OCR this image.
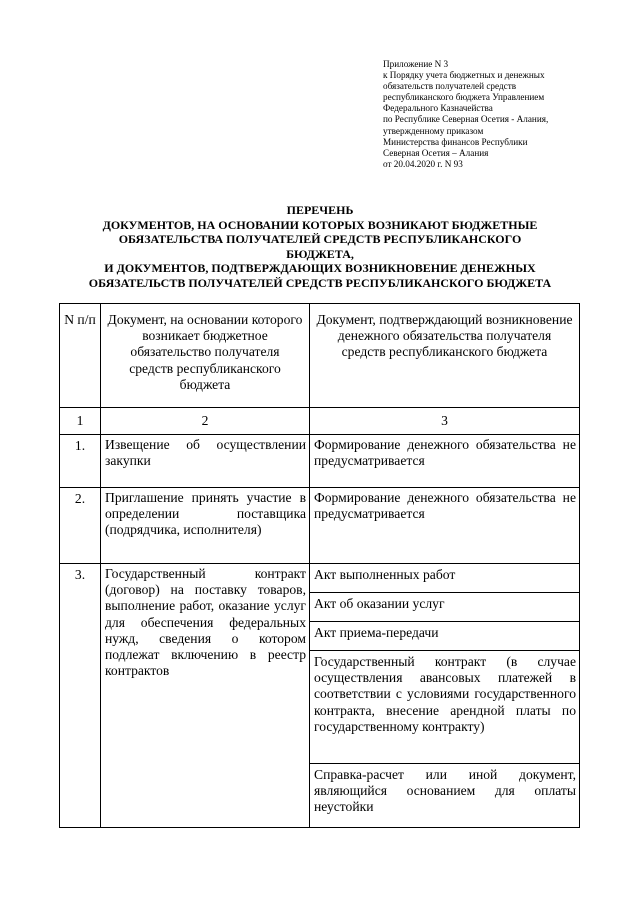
Приложение N 3
к Порядку учета бюджетных и денежных
обязательств получателей средств
республиканского бюджета Управлением
Федерального Казначейства
по Республике Северная Осетия - Алания,
утвержденному приказом
Министерства финансов Республики
Северная Осетия – Алания
от 20.04.2020 г. N 93
ПЕРЕЧЕНЬ
ДОКУМЕНТОВ, НА ОСНОВАНИИ КОТОРЫХ ВОЗНИКАЮТ БЮДЖЕТНЫЕ
ОБЯЗАТЕЛЬСТВА ПОЛУЧАТЕЛЕЙ СРЕДСТВ РЕСПУБЛИКАНСКОГО
БЮДЖЕТА,
И ДОКУМЕНТОВ, ПОДТВЕРЖДАЮЩИХ ВОЗНИКНОВЕНИЕ ДЕНЕЖНЫХ
ОБЯЗАТЕЛЬСТВ ПОЛУЧАТЕЛЕЙ СРЕДСТВ РЕСПУБЛИКАНСКОГО БЮДЖЕТА
N п/п	Документ, на основании которого возникает бюджетное обязательство получателя средств республиканского бюджета	Документ, подтверждающий возникновение денежного обязательства получателя средств республиканского бюджета
1	2	3
1.	Извещение об осуществлении закупки	Формирование денежного обязательства не предусматривается
2.	Приглашение принять участие в определении поставщика (подрядчика, исполнителя)	Формирование денежного обязательства не предусматривается
3.	Государственный контракт (договор) на поставку товаров, выполнение работ, оказание услуг для обеспечения федеральных нужд, сведения о котором подлежат включению в реестр контрактов	Акт выполненных работ
		Акт об оказании услуг
		Акт приема-передачи
		Государственный контракт (в случае осуществления авансовых платежей в соответствии с условиями государственного контракта, внесение арендной платы по государственному контракту)
		Справка-расчет или иной документ, являющийся основанием для оплаты неустойки
